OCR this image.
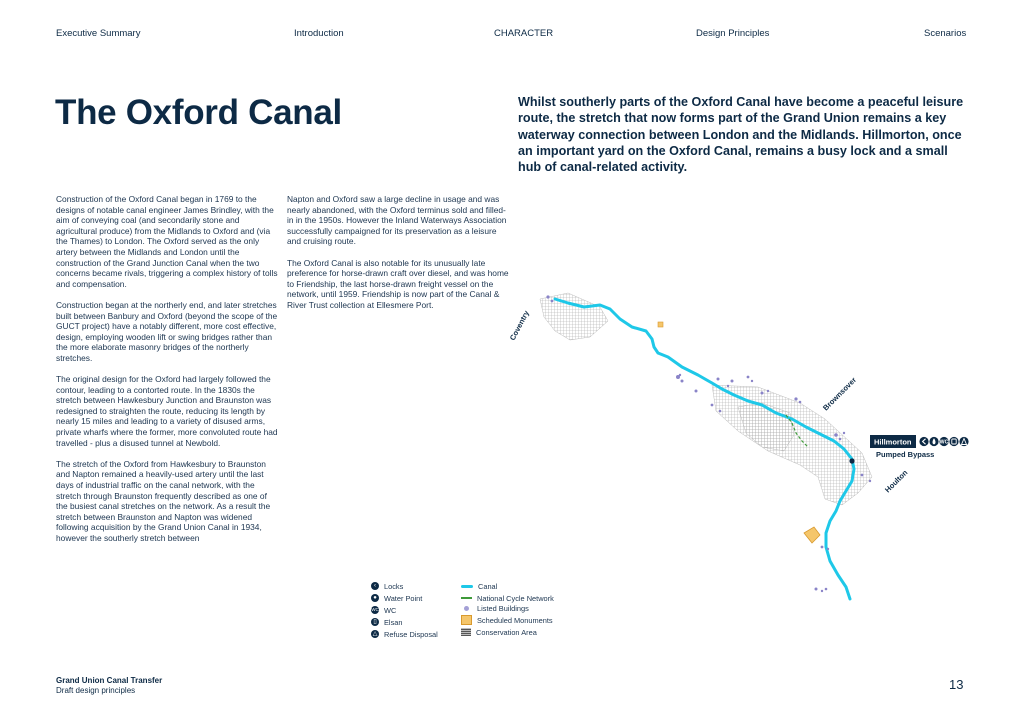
Executive Summary	Introduction	CHARACTER	Design Principles	Scenarios
The Oxford Canal	Whilst southerly parts of the Oxford Canal have become a peaceful leisure route, the stretch that now forms part of the Grand Union remains a key waterway connection between London and the Midlands. Hillmorton, once an important yard on the Oxford Canal, remains a busy lock and a small hub of canal-related activity.

Construction of the Oxford Canal began in 1769 to the designs of notable canal engineer James Brindley, with the aim of conveying coal (and secondarily stone and agricultural produce) from the Midlands to Oxford and (via the Thames) to London. The Oxford served as the only artery between the Midlands and London until the construction of the Grand Junction Canal when the two concerns became rivals, triggering a complex history of tolls and compensation.

Construction began at the northerly end, and later stretches built between Banbury and Oxford (beyond the scope of the GUCT project) have a notably different, more cost effective, design, employing wooden lift or swing bridges rather than the more elaborate masonry bridges of the northerly stretches.

The original design for the Oxford had largely followed the contour, leading to a contorted route. In the 1830s the stretch between Hawkesbury Junction and Braunston was redesigned to straighten the route, reducing its length by nearly 15 miles and leading to a variety of disused arms, private wharfs where the former, more convoluted route had travelled - plus a disused tunnel at Newbold.

The stretch of the Oxford from Hawkesbury to Braunston and Napton remained a heavily-used artery until the last days of industrial traffic on the canal network, with the stretch through Braunston frequently described as one of the busiest canal stretches on the network. As a result the stretch between Braunston and Napton was widened following acquisition by the Grand Union Canal in 1934, however the southerly stretch between

Napton and Oxford saw a large decline in usage and was nearly abandoned, with the Oxford terminus sold and filled-in in the 1950s. However the Inland Waterways Association successfully campaigned for its preservation as a leisure and cruising route.

The Oxford Canal is also notable for its unusually late preference for horse-drawn craft over diesel, and was home to Friendship, the last horse-drawn freight vessel on the network, until 1959. Friendship is now part of the Canal & River Trust collection at Ellesmere Port.

Coventry
Brownsover
Houlton
Pumped Bypass
Hillmorton	WC
‹	Locks
● Water Point
WC WC
▯ Elsan
△ Refuse Disposal
Canal
National Cycle Network
Listed Buildings
Scheduled Monuments
Conservation Area
Grand Union Canal Transfer
Draft design principles	13
